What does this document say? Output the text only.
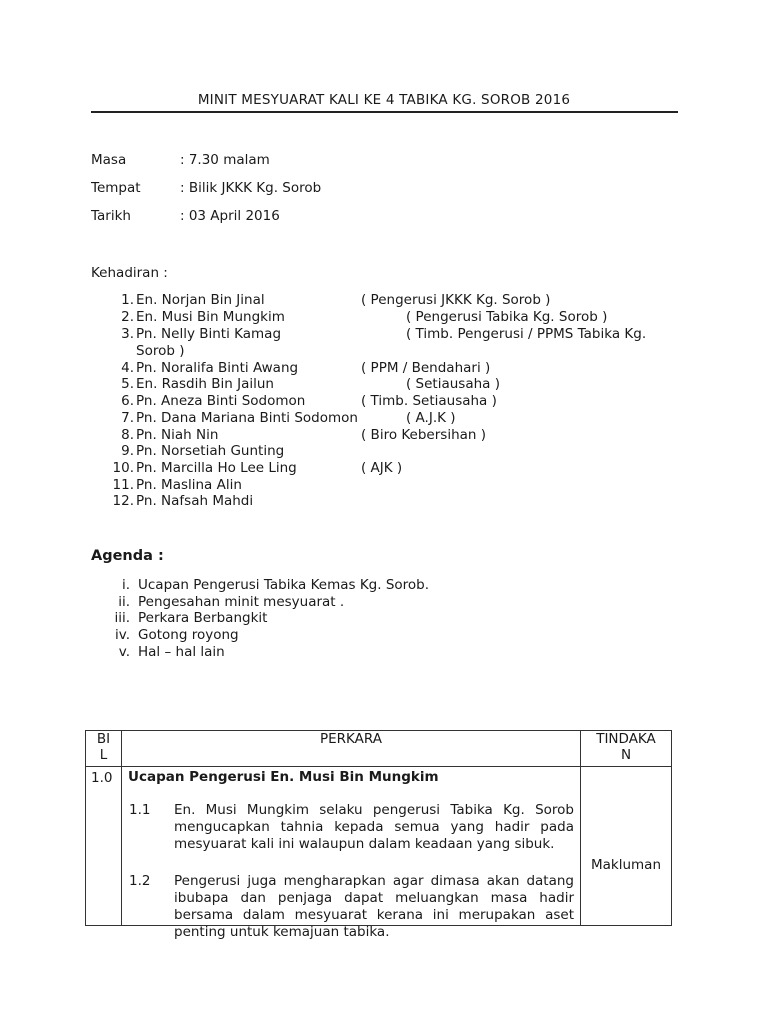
MINIT MESYUARAT KALI KE 4 TABIKA KG. SOROB 2016
Masa	: 7.30 malam
Tempat	: Bilik JKKK Kg. Sorob
Tarikh	: 03 April 2016
Kehadiran :
1. En. Norjan Bin Jinal	( Pengerusi JKKK Kg. Sorob )
2. En. Musi Bin Mungkim	( Pengerusi Tabika Kg. Sorob )
3. Pn. Nelly Binti Kamag	( Timb. Pengerusi / PPMS Tabika Kg.
Sorob )
4. Pn. Noralifa Binti Awang	( PPM / Bendahari )
5. En. Rasdih Bin Jailun	( Setiausaha )
6. Pn. Aneza Binti Sodomon	( Timb. Setiausaha )
7. Pn. Dana Mariana Binti Sodomon	( A.J.K )
8. Pn. Niah Nin	( Biro Kebersihan )
9. Pn. Norsetiah Gunting
10. Pn. Marcilla Ho Lee Ling	( AJK )
11. Pn. Maslina Alin
12. Pn. Nafsah Mahdi
Agenda :
i. Ucapan Pengerusi Tabika Kemas Kg. Sorob.
ii. Pengesahan minit mesyuarat .
iii. Perkara Berbangkit
iv. Gotong royong
v. Hal – hal lain
BI
L	PERKARA	TINDAKA
N

1.0	Ucapan Pengerusi En. Musi Bin Mungkim
1.1 En. Musi Mungkim selaku pengerusi Tabika Kg. Sorob mengucapkan tahnia kepada semua yang hadir pada mesyuarat kali ini walaupun dalam keadaan yang sibuk.
1.2 Pengerusi juga mengharapkan agar dimasa akan datang ibubapa dan penjaga dapat meluangkan masa hadir bersama dalam mesyuarat kerana ini merupakan aset penting untuk kemajuan tabika.	Makluman
